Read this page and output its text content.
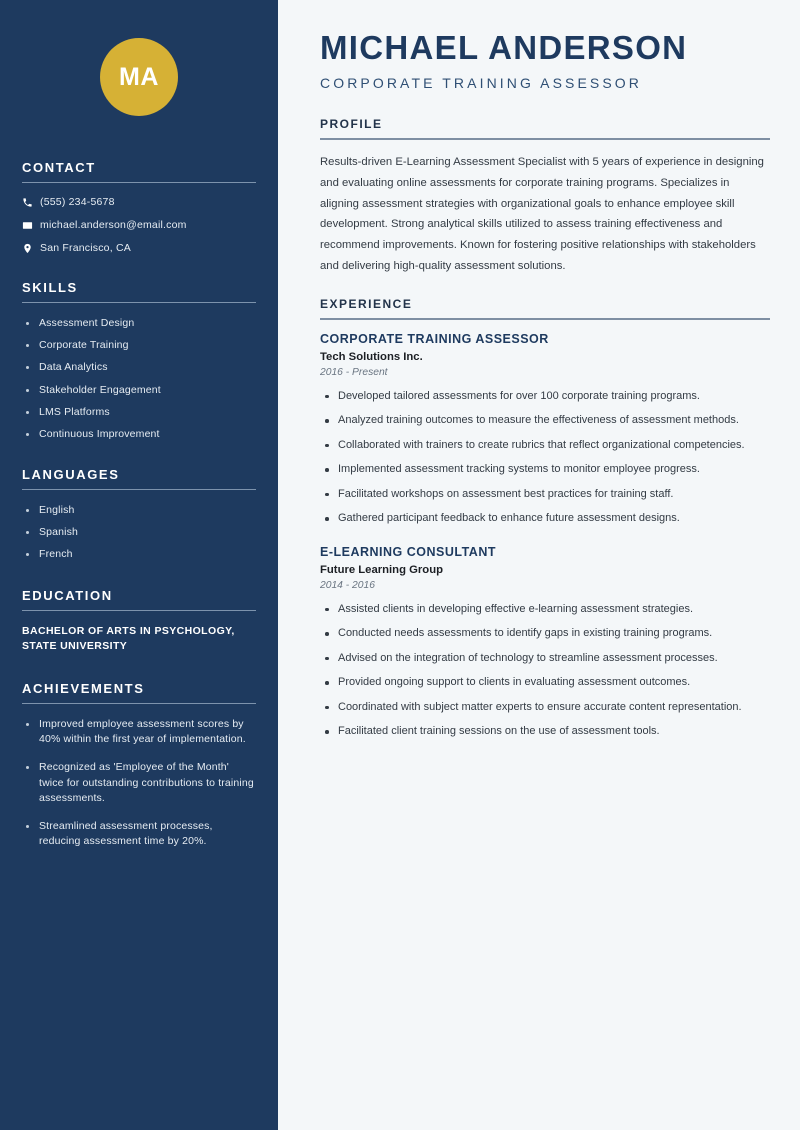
MA
CONTACT
(555) 234-5678
michael.anderson@email.com
San Francisco, CA
SKILLS
Assessment Design
Corporate Training
Data Analytics
Stakeholder Engagement
LMS Platforms
Continuous Improvement
LANGUAGES
English
Spanish
French
EDUCATION
BACHELOR OF ARTS IN PSYCHOLOGY, STATE UNIVERSITY
ACHIEVEMENTS
Improved employee assessment scores by 40% within the first year of implementation.
Recognized as 'Employee of the Month' twice for outstanding contributions to training assessments.
Streamlined assessment processes, reducing assessment time by 20%.
MICHAEL ANDERSON
CORPORATE TRAINING ASSESSOR
PROFILE

Results-driven E-Learning Assessment Specialist with 5 years of experience in designing and evaluating online assessments for corporate training programs. Specializes in aligning assessment strategies with organizational goals to enhance employee skill development. Strong analytical skills utilized to assess training effectiveness and recommend improvements. Known for fostering positive relationships with stakeholders and delivering high-quality assessment solutions.

EXPERIENCE
CORPORATE TRAINING ASSESSOR
Tech Solutions Inc.
2016 - Present
Developed tailored assessments for over 100 corporate training programs.
Analyzed training outcomes to measure the effectiveness of assessment methods.
Collaborated with trainers to create rubrics that reflect organizational competencies.
Implemented assessment tracking systems to monitor employee progress.
Facilitated workshops on assessment best practices for training staff.
Gathered participant feedback to enhance future assessment designs.
E-LEARNING CONSULTANT
Future Learning Group
2014 - 2016
Assisted clients in developing effective e-learning assessment strategies.
Conducted needs assessments to identify gaps in existing training programs.
Advised on the integration of technology to streamline assessment processes.
Provided ongoing support to clients in evaluating assessment outcomes.
Coordinated with subject matter experts to ensure accurate content representation.
Facilitated client training sessions on the use of assessment tools.
